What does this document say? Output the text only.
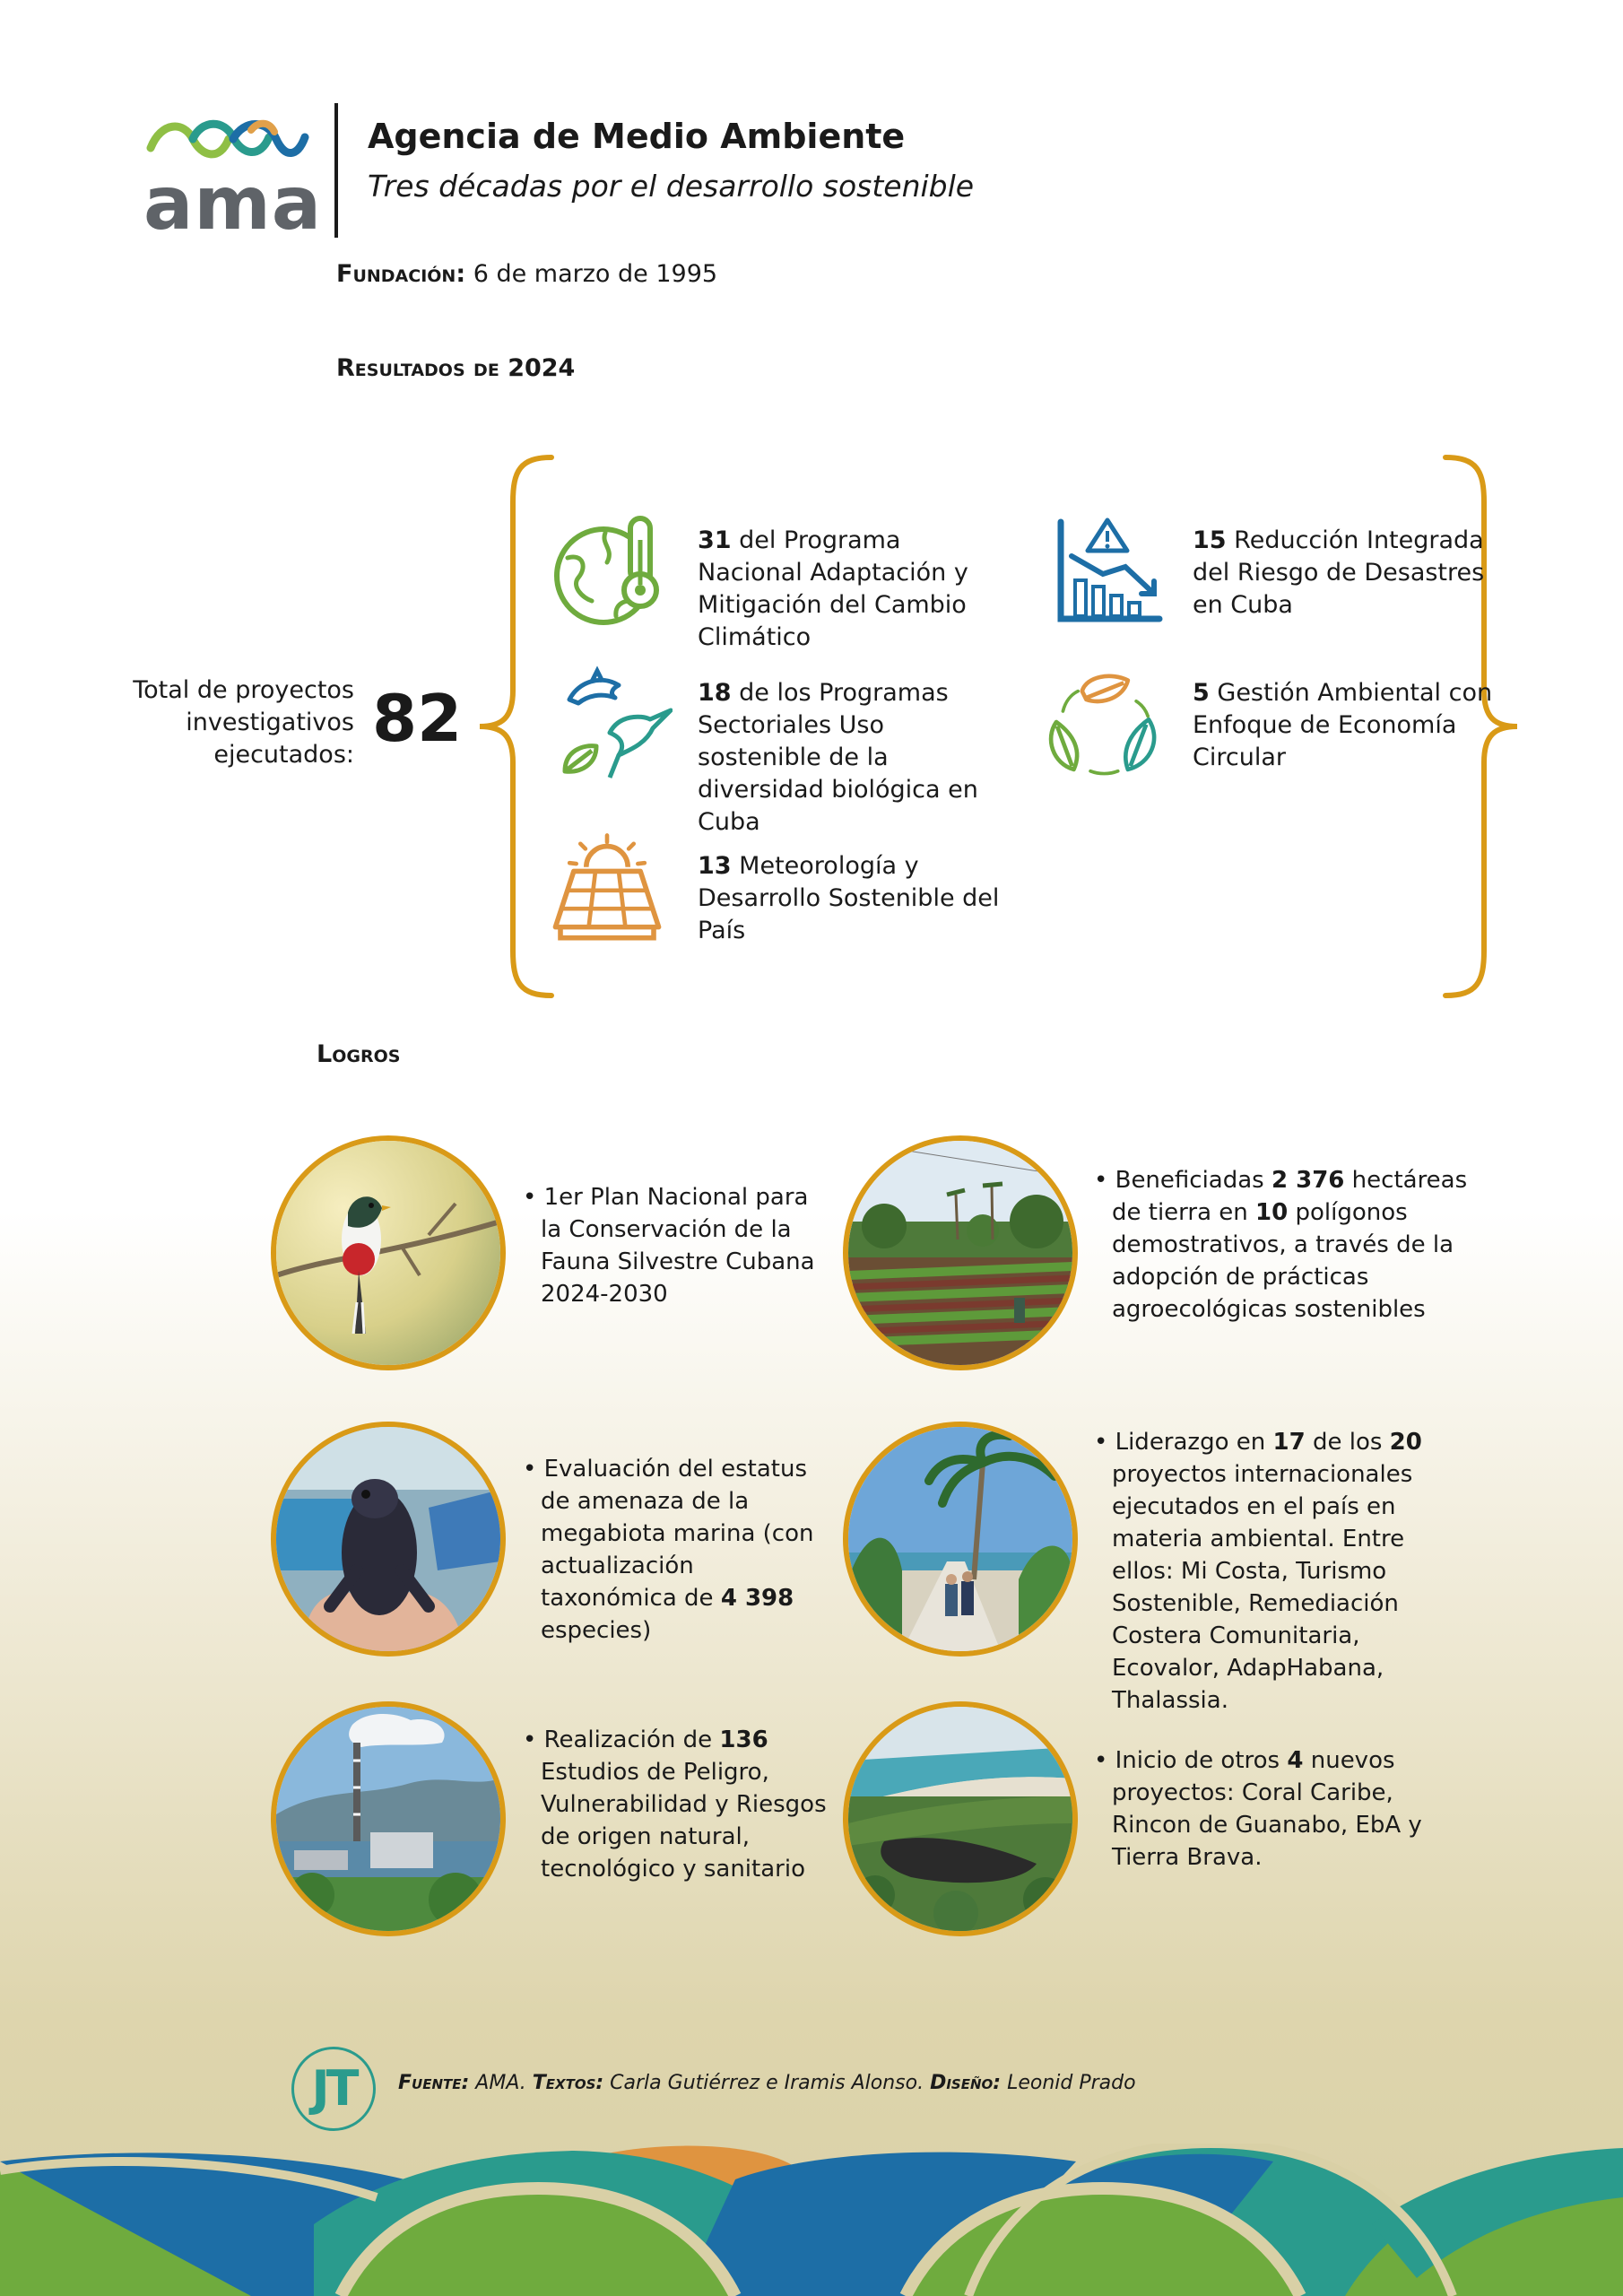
ama
Agencia de Medio Ambiente
Tres décadas por el desarrollo sostenible
Fundación: 6 de marzo de 1995
Resultados de 2024
Total de proyectos investigativos ejecutados: 82
31 del Programa Nacional Adaptación y Mitigación del Cambio Climático
18 de los Programas Sectoriales Uso sostenible de la diversidad biológica en Cuba
13 Meteorología y Desarrollo Sostenible del País
15 Reducción Integrada del Riesgo de Desastres en Cuba
5 Gestión Ambiental con Enfoque de Economía Circular
Logros
• 1er Plan Nacional para la Conservación de la Fauna Silvestre Cubana 2024-2030
• Beneficiadas 2 376 hectáreas de tierra en 10 polígonos demostrativos, a través de la adopción de prácticas agroecológicas sostenibles
• Evaluación del estatus de amenaza de la megabiota marina (con actualización taxonómica de 4 398 especies)
• Liderazgo en 17 de los 20 proyectos internacionales ejecutados en el país en materia ambiental. Entre ellos: Mi Costa, Turismo Sostenible, Remediación Costera Comunitaria, Ecovalor, AdapHabana, Thalassia.
• Realización de 136 Estudios de Peligro, Vulnerabilidad y Riesgos de origen natural, tecnológico y sanitario
• Inicio de otros 4 nuevos proyectos: Coral Caribe, Rincon de Guanabo, EbA y Tierra Brava.
JT	Fuente: AMA. Textos: Carla Gutiérrez e Iramis Alonso. Diseño: Leonid Prado
